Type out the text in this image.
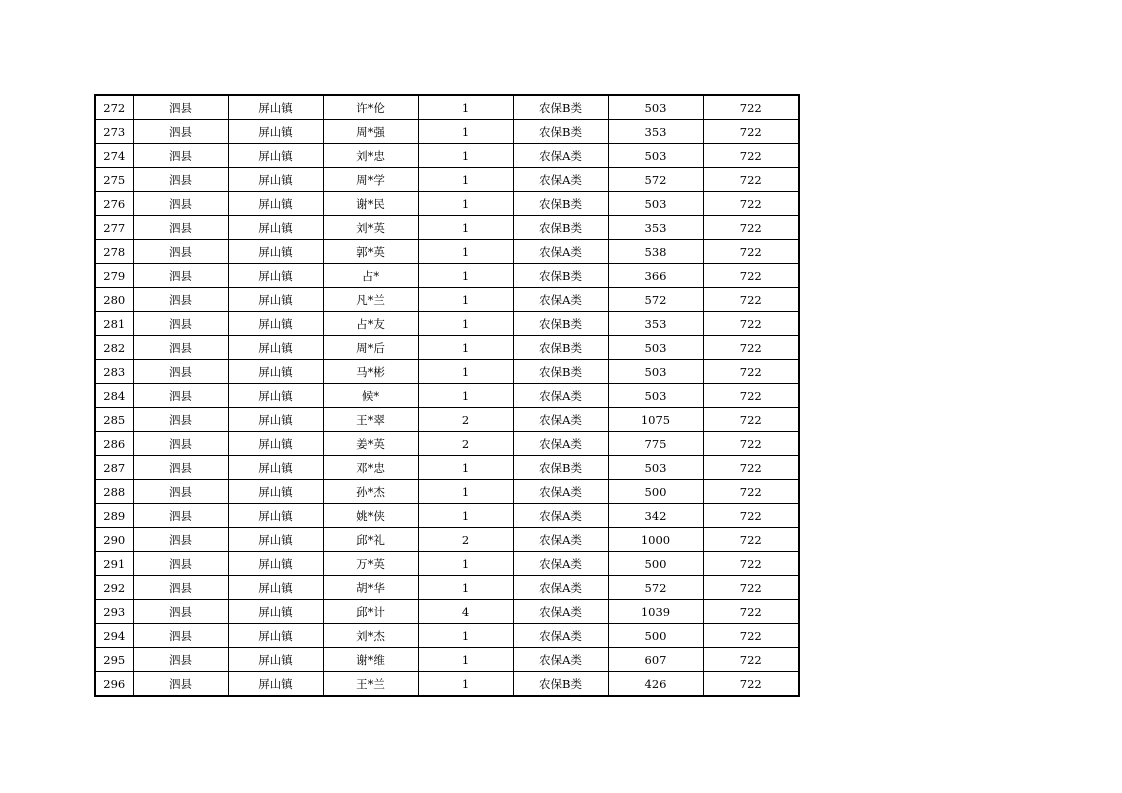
272	泗县	屏山镇	许*伦	1	农保B类	503	722
273	泗县	屏山镇	周*强	1	农保B类	353	722
274	泗县	屏山镇	刘*忠	1	农保A类	503	722
275	泗县	屏山镇	周*学	1	农保A类	572	722
276	泗县	屏山镇	谢*民	1	农保B类	503	722
277	泗县	屏山镇	刘*英	1	农保B类	353	722
278	泗县	屏山镇	郭*英	1	农保A类	538	722
279	泗县	屏山镇	占*	1	农保B类	366	722
280	泗县	屏山镇	凡*兰	1	农保A类	572	722
281	泗县	屏山镇	占*友	1	农保B类	353	722
282	泗县	屏山镇	周*后	1	农保B类	503	722
283	泗县	屏山镇	马*彬	1	农保B类	503	722
284	泗县	屏山镇	候*	1	农保A类	503	722
285	泗县	屏山镇	王*翠	2	农保A类	1075	722
286	泗县	屏山镇	姜*英	2	农保A类	775	722
287	泗县	屏山镇	邓*忠	1	农保B类	503	722
288	泗县	屏山镇	孙*杰	1	农保A类	500	722
289	泗县	屏山镇	姚*侠	1	农保A类	342	722
290	泗县	屏山镇	邱*礼	2	农保A类	1000	722
291	泗县	屏山镇	万*英	1	农保A类	500	722
292	泗县	屏山镇	胡*华	1	农保A类	572	722
293	泗县	屏山镇	邱*计	4	农保A类	1039	722
294	泗县	屏山镇	刘*杰	1	农保A类	500	722
295	泗县	屏山镇	谢*维	1	农保A类	607	722
296	泗县	屏山镇	王*兰	1	农保B类	426	722
